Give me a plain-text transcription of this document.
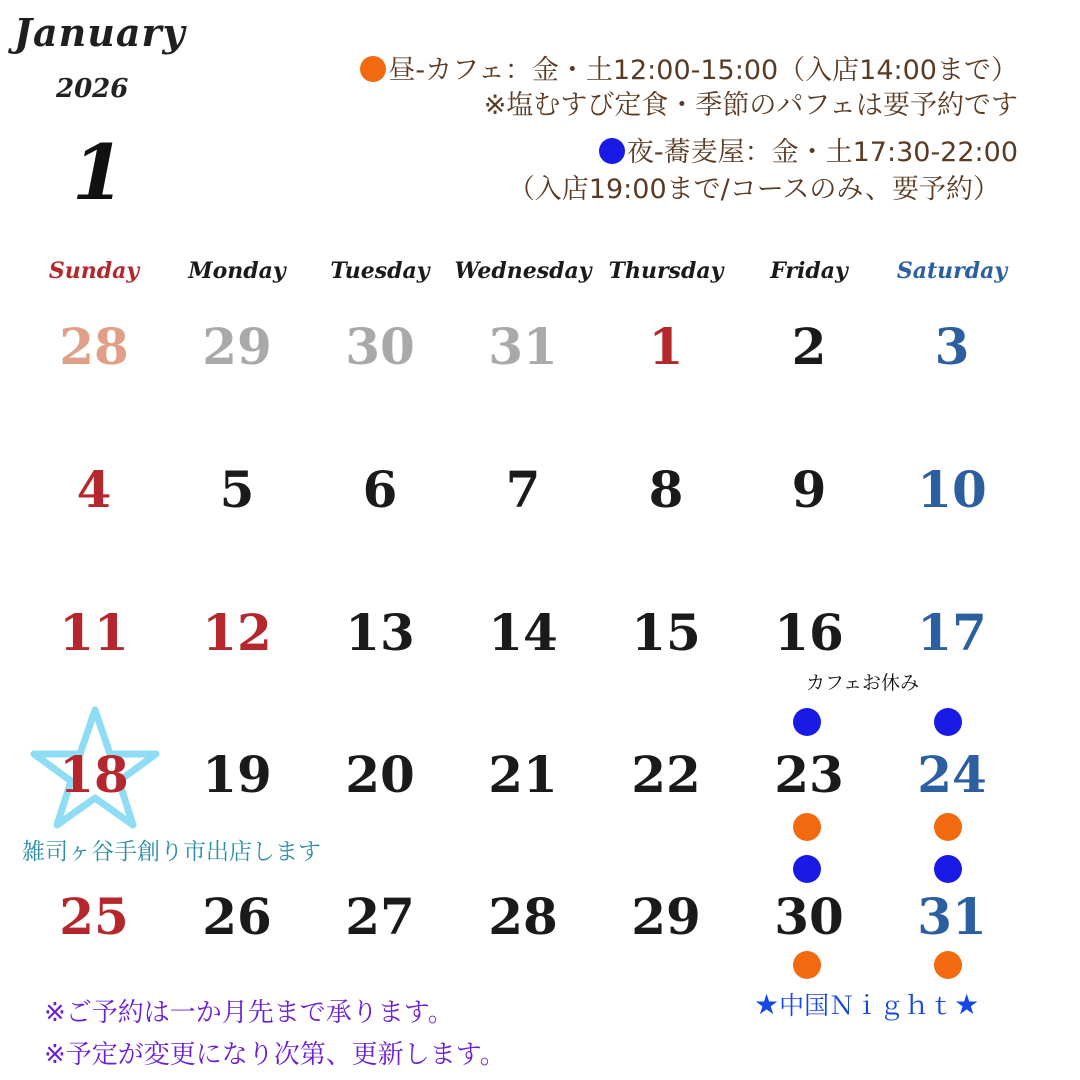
January
2026
1
昼-カフェ：金・土12:00-15:00（入店14:00まで）
※塩むすび定食・季節のパフェは要予約です
夜-蕎麦屋：金・土17:30-22:00
（入店19:00まで/コースのみ、要予約）
Sunday	Monday	Tuesday	Wednesday Thursday	Friday	Saturday
28	29	30	31	1	2	3
4	5	6	7	8	9	10
11	12	13	14	15	16	17
カフェお休み
18	19	20	21	22	23	24
雑司ヶ谷手創り市出店します
25	26	27	28	29	30	31
★中国Ｎｉｇｈｔ★
※ご予約は一か月先まで承ります。
※予定が変更になり次第、更新します。
